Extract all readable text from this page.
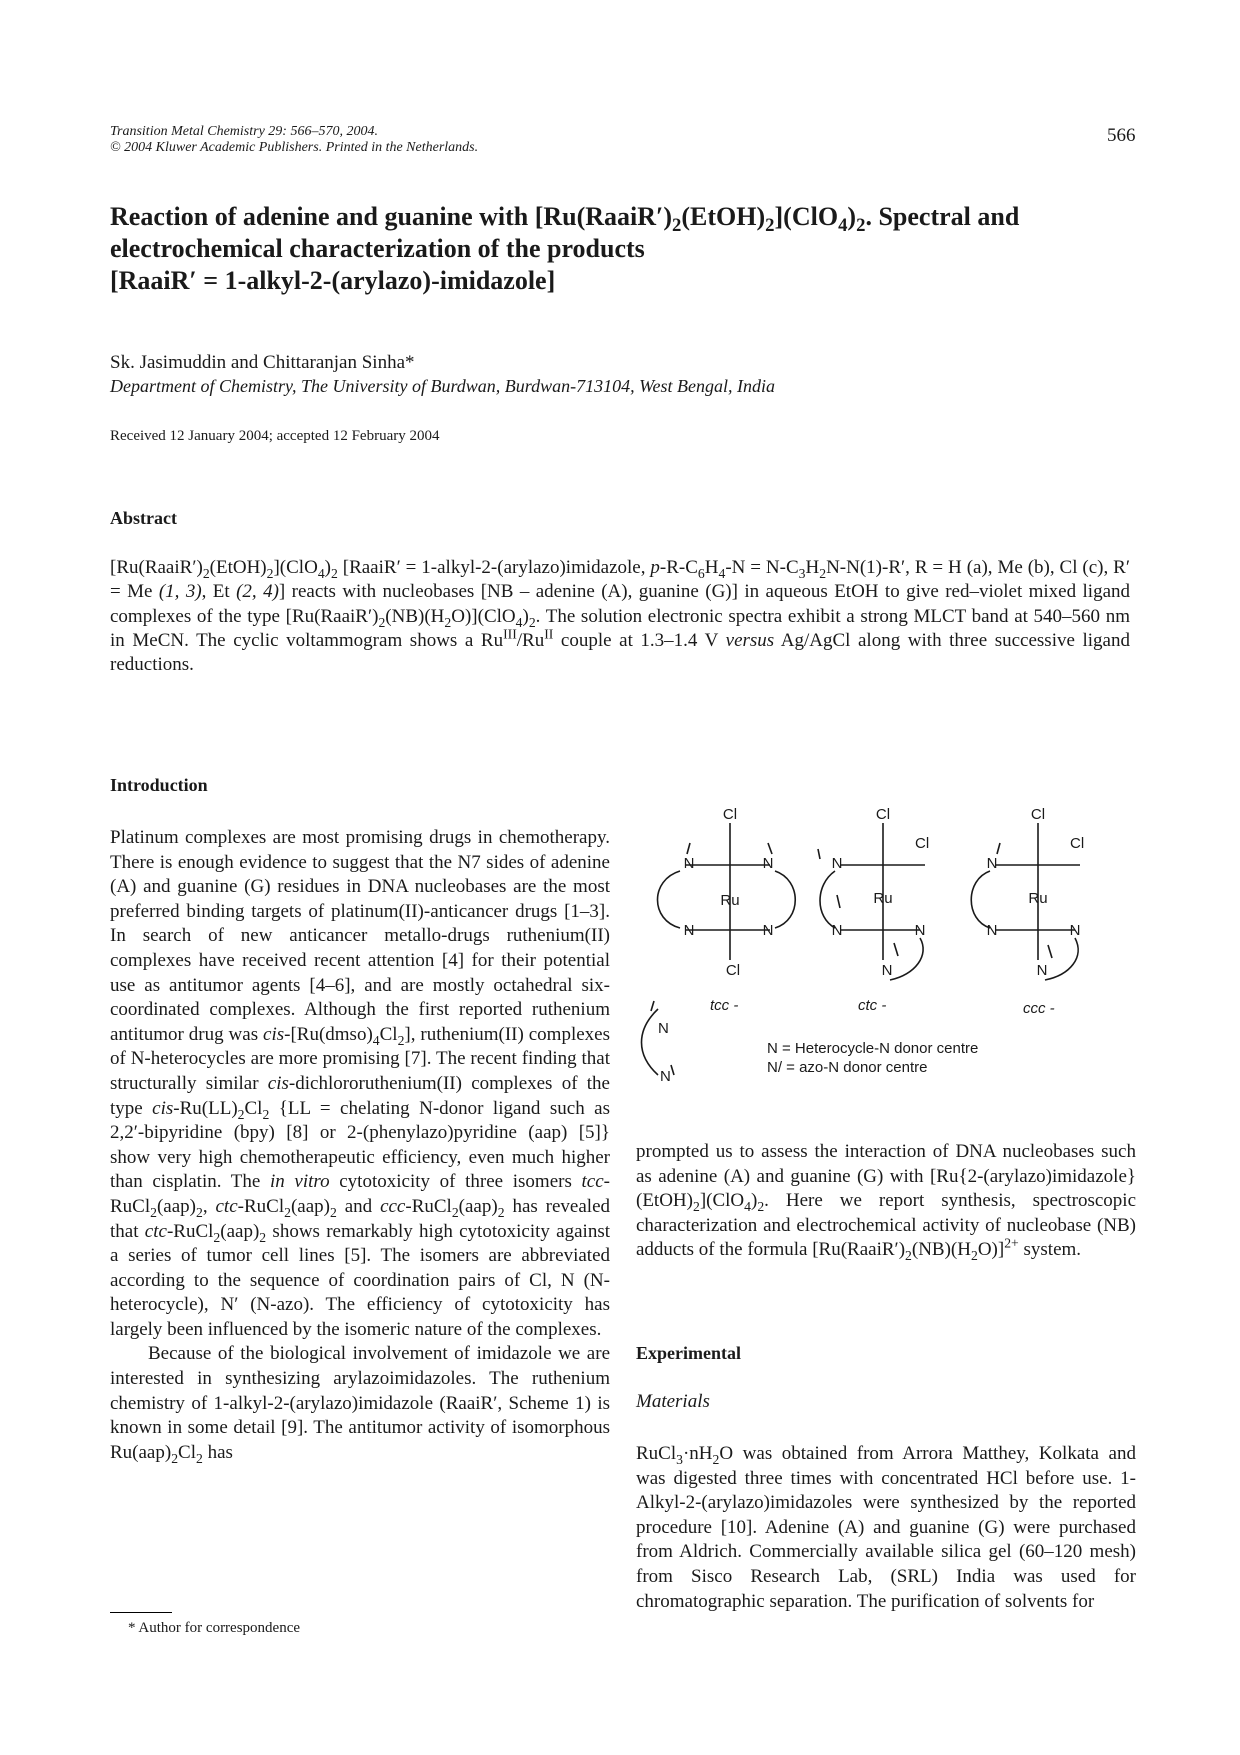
Transition Metal Chemistry 29: 566–570, 2004.
© 2004 Kluwer Academic Publishers. Printed in the Netherlands.
566
Reaction of adenine and guanine with $[Ru(RaaiR')_2(EtOH)_2](ClO_4)_2$. Spectral and electrochemical characterization of the products
[RaaiR′ = 1-alkyl-2-(arylazo)-imidazole]
Sk. Jasimuddin and Chittaranjan Sinha*
Department of Chemistry, The University of Burdwan, Burdwan-713104, West Bengal, India
Received 12 January 2004; accepted 12 February 2004
Abstract
$[Ru(RaaiR')_2(EtOH)_2](ClO_4)_2$ [RaaiR′ = 1-alkyl-2-(arylazo)imidazole, $p-R-C_6H_4-N = N-C_3H_2N-N(1)-R'$, R = H (a), Me (b), Cl (c), R′ = Me (1, 3), Et (2, 4)] reacts with nucleobases [NB – adenine (A), guanine (G)] in aqueous EtOH to give red–violet mixed ligand complexes of the type $[Ru(RaaiR')_2(NB)(H_2O)](ClO_4)_2$. The solution electronic spectra exhibit a strong MLCT band at 540–560 nm in MeCN. The cyclic voltammogram shows a $Ru^{III}/Ru^{II}$ couple at 1.3–1.4 V versus Ag/AgCl along with three successive ligand reductions.
Introduction

Platinum complexes are most promising drugs in chemotherapy. There is enough evidence to suggest that the N7 sides of adenine (A) and guanine (G) residues in DNA nucleobases are the most preferred binding targets of platinum(II)-anticancer drugs [1–3]. In search of new anticancer metallo-drugs ruthenium(II) complexes have received recent attention [4] for their potential use as antitumor agents [4–6], and are mostly octahedral six-coordinated complexes. Although the first reported ruthenium antitumor drug was cis-$[Ru(dmso)_4Cl_2]$, ruthenium(II) complexes of N-heterocycles are more promising [7]. The recent finding that structurally similar cis-dichlororuthenium(II) complexes of the type cis-$Ru(LL)_2Cl_2$ {LL = chelating N-donor ligand such as 2,2′-bipyridine (bpy) [8] or 2-(phenylazo)pyridine (aap) [5]} show very high chemotherapeutic efficiency, even much higher than cisplatin. The in vitro cytotoxicity of three isomers tcc-$RuCl_2(aap)_2$, ctc-$RuCl_2(aap)_2$ and ccc-$RuCl_2(aap)_2$ has revealed that ctc-$RuCl_2(aap)_2$ shows remarkably high cytotoxicity against a series of tumor cell lines [5]. The isomers are abbreviated according to the sequence of coordination pairs of Cl, N (N-heterocycle), N′ (N-azo). The efficiency of cytotoxicity has largely been influenced by the isomeric nature of the complexes.

Because of the biological involvement of imidazole we are interested in synthesizing arylazoimidazoles. The ruthenium chemistry of 1-alkyl-2-(arylazo)imidazole (RaaiR′, Scheme 1) is known in some detail [9]. The antitumor activity of isomorphous $Ru(aap)_2Cl_2$ has

* Author for correspondence
Cl
N	N
N	N
Ru
Cl
Cl
Cl
N
N	N
Ru
N
Cl
Cl
N
N	N
Ru
N
tcc -	ctc -	ccc -
N
N
N = Heterocycle-N donor centre
N/ = azo-N donor centre

prompted us to assess the interaction of DNA nucleobases such as adenine (A) and guanine (G) with $[Ru\{2-(arylazo)imidazole\}(EtOH)_2](ClO_4)_2$. Here we report synthesis, spectroscopic characterization and electrochemical activity of nucleobase (NB) adducts of the formula $[Ru(RaaiR')_2(NB)(H_2O)]^{2+}$ system.

Experimental
Materials

$RuCl_3\cdot nH_2O$ was obtained from Arrora Matthey, Kolkata and was digested three times with concentrated HCl before use. 1-Alkyl-2-(arylazo)imidazoles were synthesized by the reported procedure [10]. Adenine (A) and guanine (G) were purchased from Aldrich. Commercially available silica gel (60–120 mesh) from Sisco Research Lab, (SRL) India was used for chromatographic separation. The purification of solvents for
